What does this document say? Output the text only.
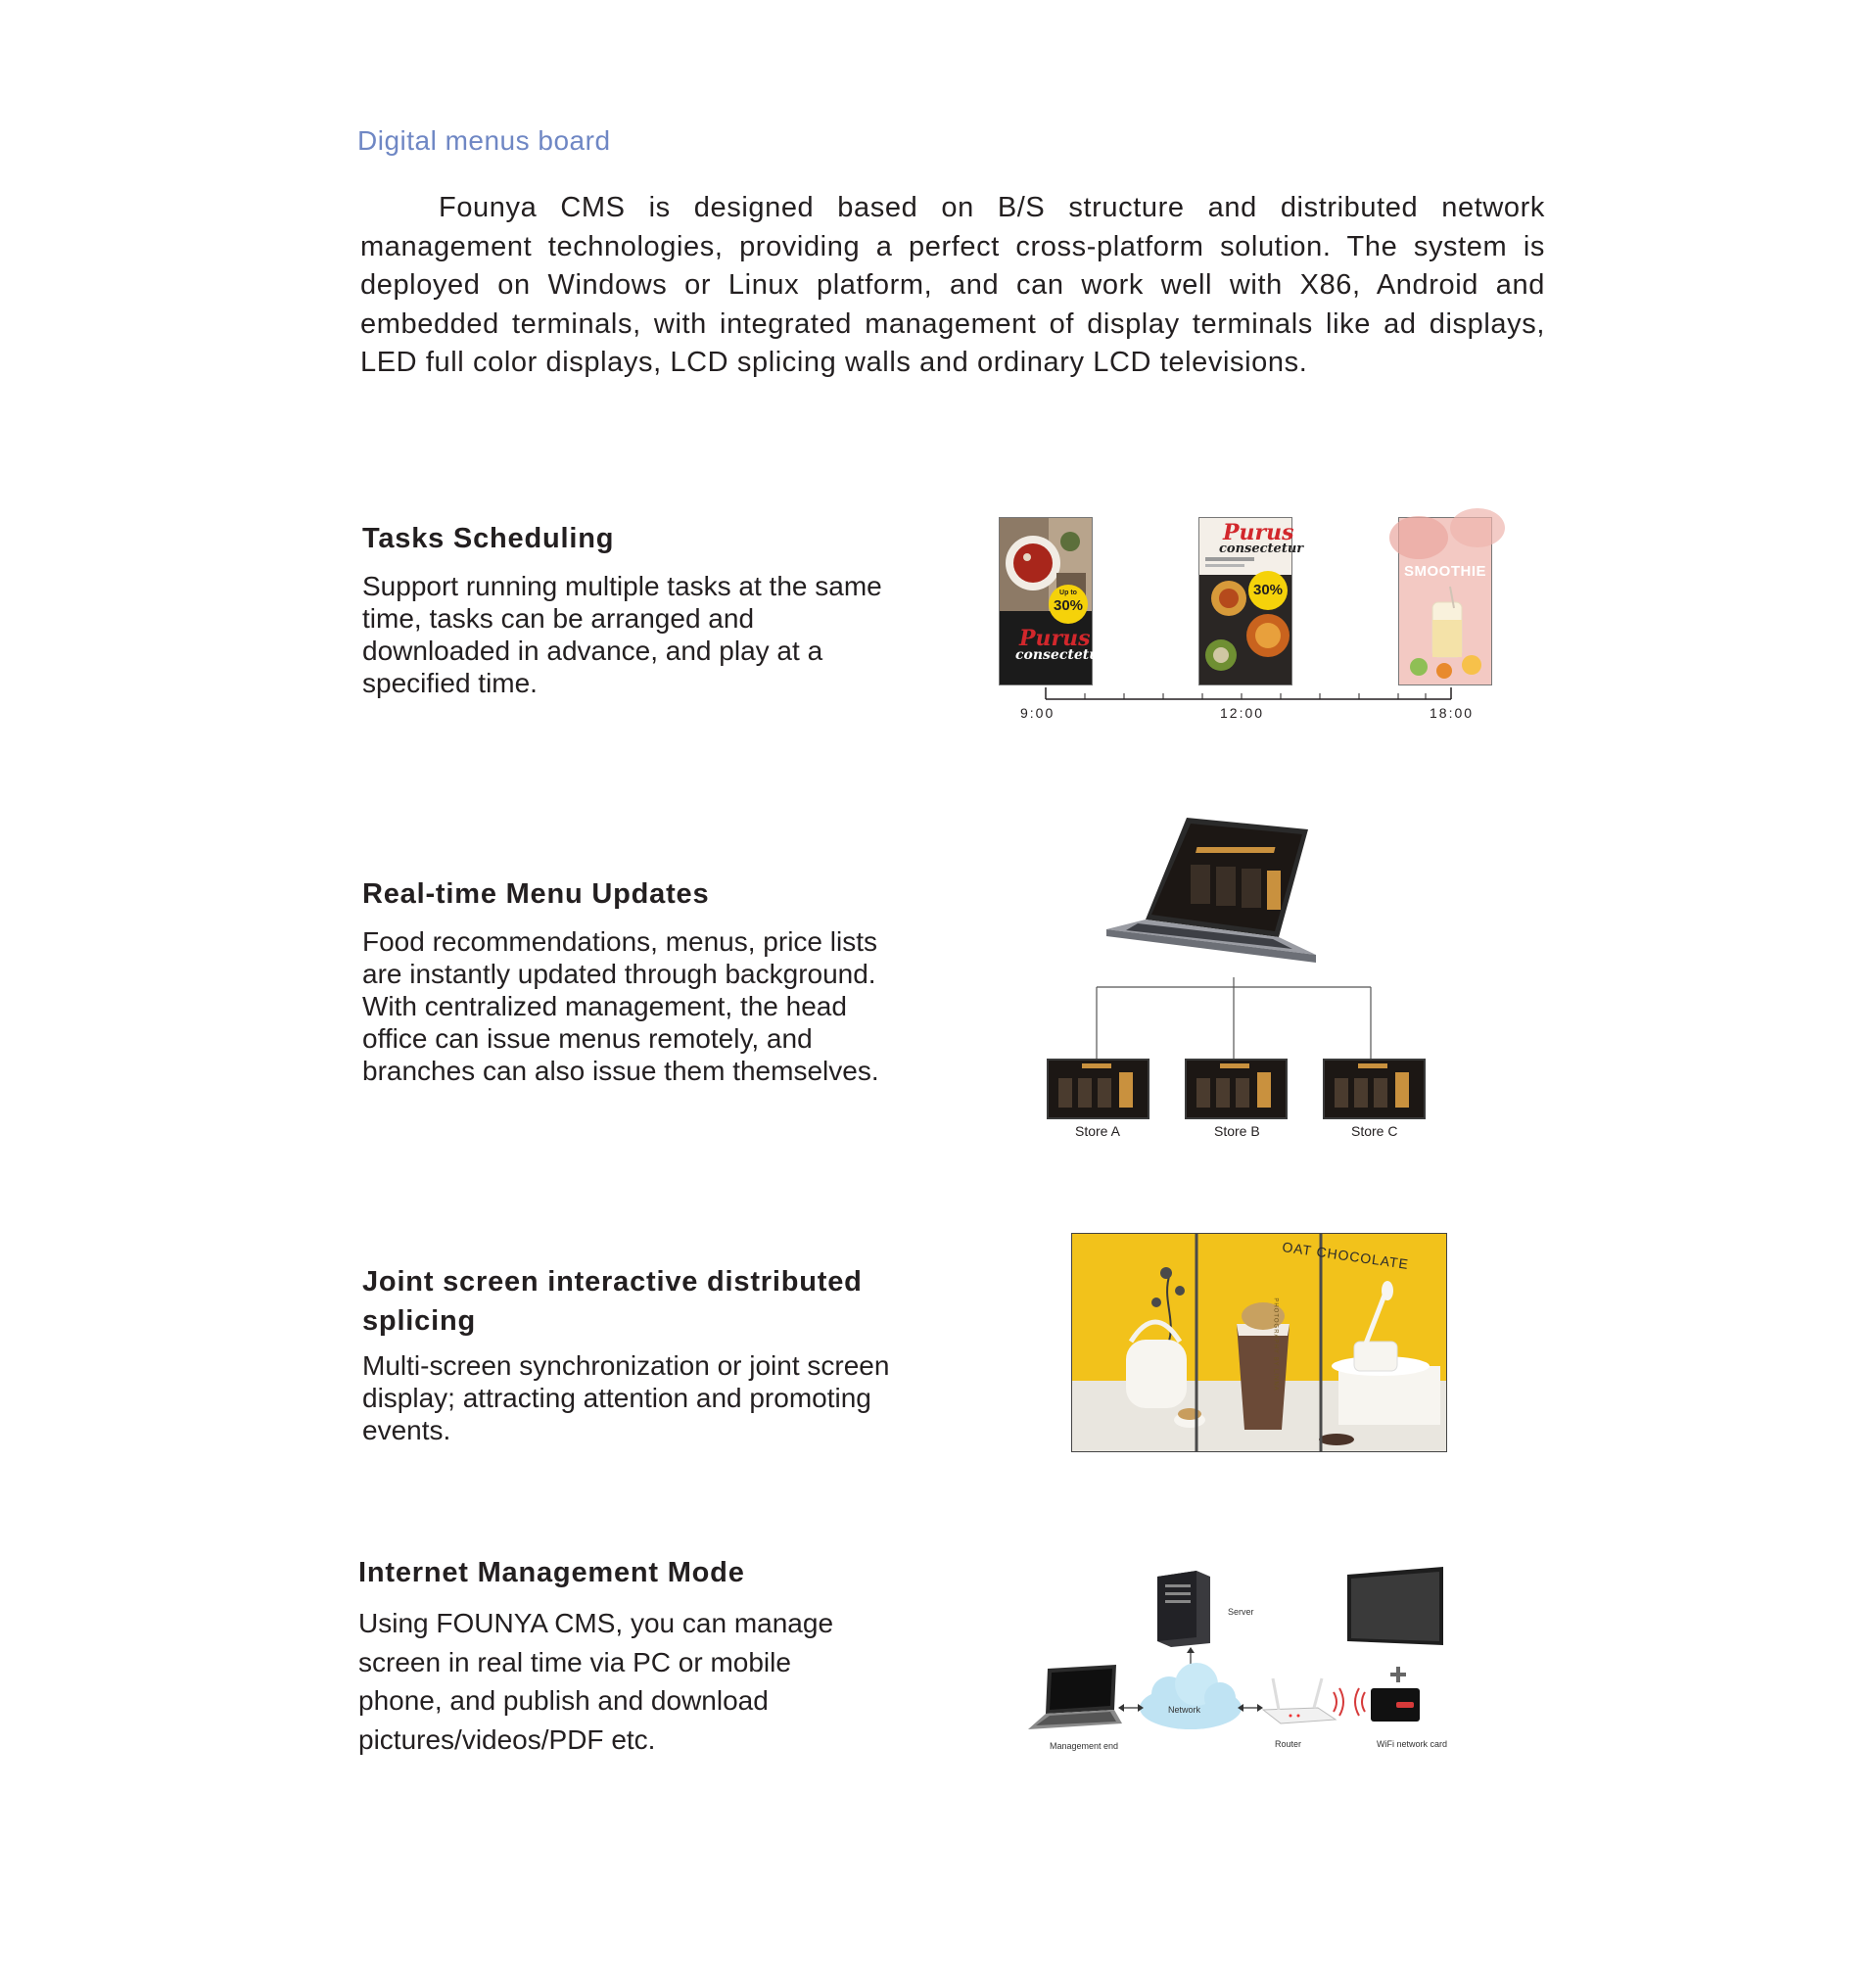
Digital menus board
Founya CMS is designed based on B/S structure and distributed network management technologies, providing a perfect cross-platform solution. The system is deployed on Windows or Linux platform, and can work well with X86, Android and embedded terminals, with integrated management of display terminals like ad displays, LED full color displays, LCD splicing walls and ordinary LCD televisions.
Tasks Scheduling
Support running multiple tasks at the same time, tasks can be arranged and downloaded in advance, and play at a specified time.
Up to
30%
Purus
consectetur
Purus
consectetur
30%
SMOOTHIE
9:00	12:00	18:00
Real-time Menu Updates
Food recommendations, menus, price lists are instantly updated through background. With centralized management, the head office can issue menus remotely, and branches can also issue them themselves.
Store A	Store B	Store C
Joint screen interactive distributed
splicing
Multi-screen synchronization or joint screen display; attracting attention and promoting events.
OAT CHOCOLATE
PHOTOGRAPHY BY LINNA
Internet Management Mode
Using FOUNYA CMS, you can manage
screen in real time via PC or mobile
phone, and publish and download
pictures/videos/PDF etc.
Server
Network
Management end	Router	WiFi network card
